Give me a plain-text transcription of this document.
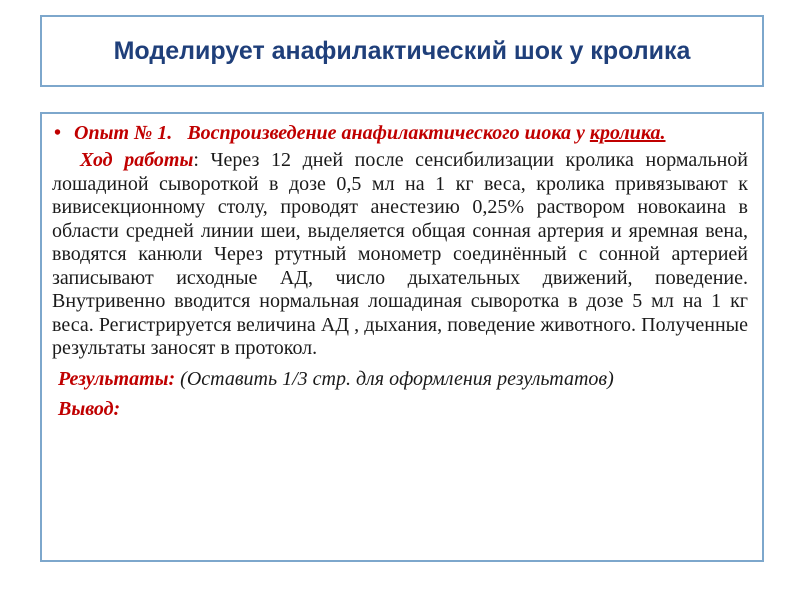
Моделирует анафилактический шок у кролика
• Опыт № 1.   Воспроизведение анафилактического шока у кролика.
Ход работы: Через 12 дней после сенсибилизации кролика нормальной лошадиной сывороткой в дозе 0,5 мл на 1 кг веса, кролика привязывают к вивисекционному столу, проводят анестезию 0,25% раствором новокаина в области средней линии шеи, выделяется общая сонная артерия и яремная вена, вводятся канюли Через ртутный монометр соединённый с сонной артерией записывают исходные АД, число дыхательных движений, поведение. Внутривенно вводится нормальная лошадиная сыворотка в дозе 5 мл на 1 кг веса. Регистрируется величина АД , дыхания, поведение животного. Полученные результаты заносят в протокол.
Результаты: (Оставить 1/3 стр. для оформления результатов)
Вывод:
